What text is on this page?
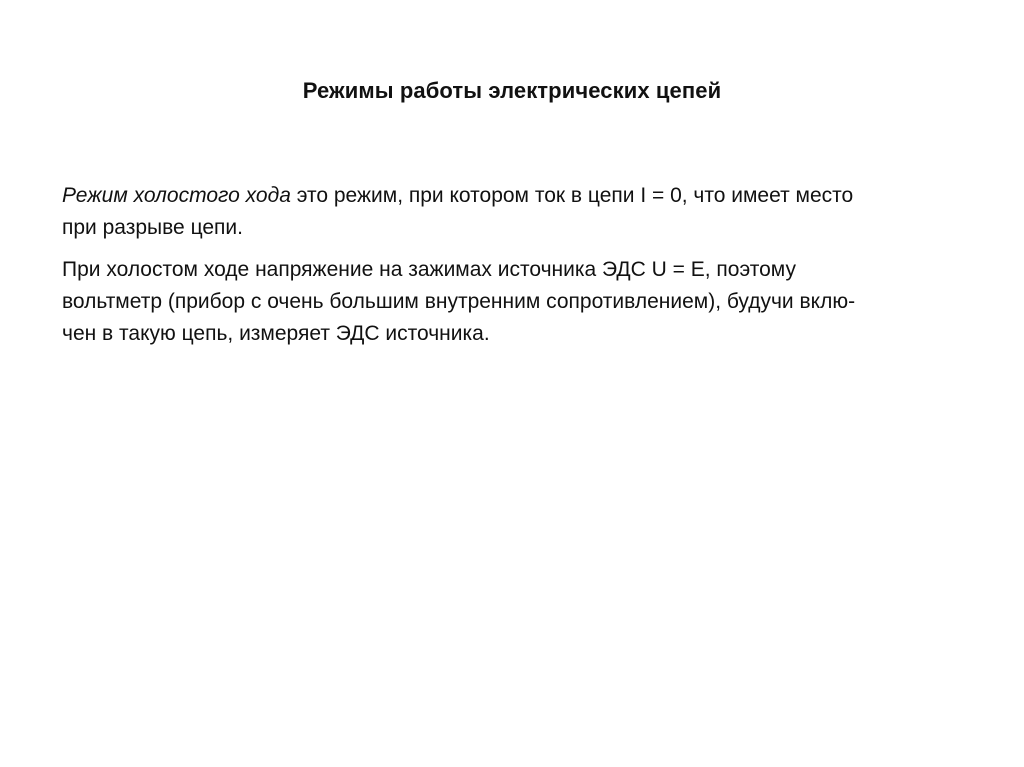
Режимы работы электрических цепей

Режим холостого хода это режим, при котором ток в цепи I = 0, что имеет место
при разрыве цепи.

При холостом ходе напряжение на зажимах источника ЭДС U = E, поэтому
вольтметр (прибор с очень большим внутренним сопротивлением), будучи вклю-
чен в такую цепь, измеряет ЭДС источника.
